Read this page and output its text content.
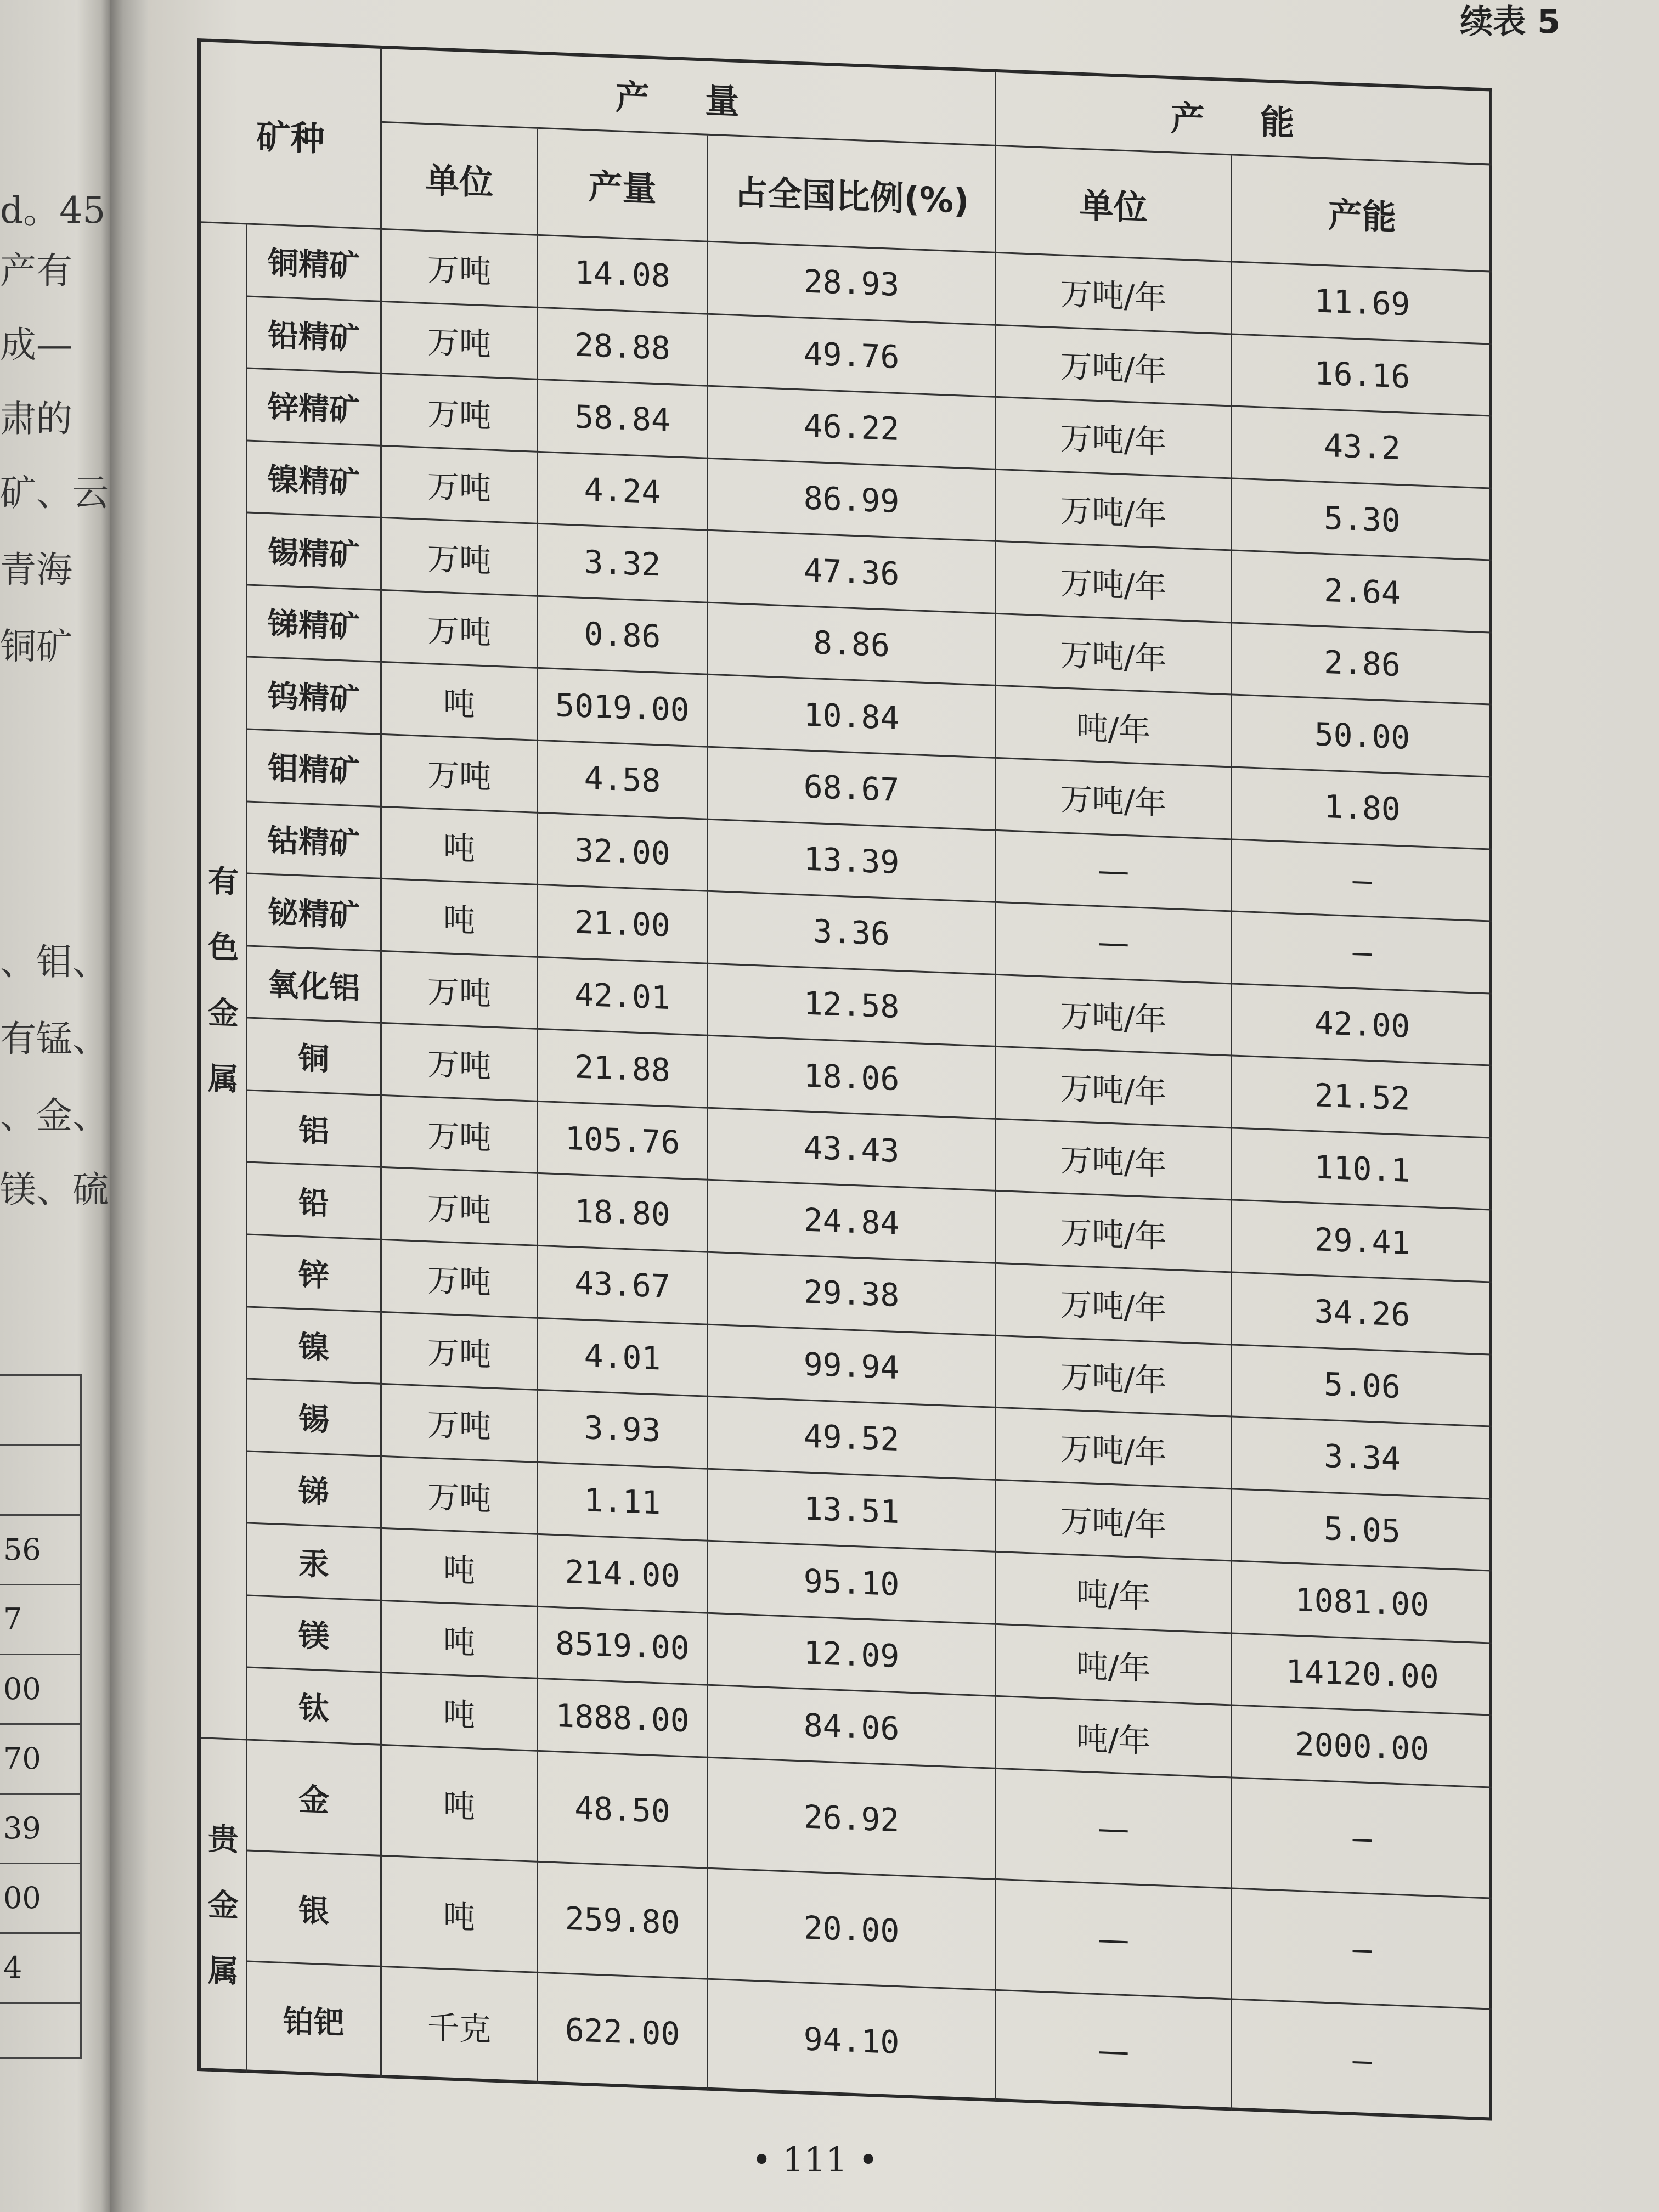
d。45
产有
成—
肃的
矿、云
青海
铜矿
、钼、
有锰、
、金、
镁、硫
56
7
00
70
39
00
4
续表 5
矿种
产 量	产 能
单位	产量	占全国比例(%)	单位	产能
有
色
金
属
贵
金
属
铜精矿	万吨	14.08	28.93	万吨/年	11.69
铅精矿	万吨	28.88	49.76	万吨/年	16.16
锌精矿	万吨	58.84	46.22	万吨/年	43.2
镍精矿	万吨	4.24	86.99	万吨/年	5.30
锡精矿	万吨	3.32	47.36	万吨/年	2.64
锑精矿	万吨	0.86	8.86	万吨/年	2.86
钨精矿	吨	5019.00	10.84	吨/年	50.00
钼精矿	万吨	4.58	68.67	万吨/年	1.80
钴精矿	吨	32.00	13.39	—	—
铋精矿	吨	21.00	3.36	—	—
氧化铝	万吨	42.01	12.58	万吨/年	42.00
铜	万吨	21.88	18.06	万吨/年	21.52
铝	万吨	105.76	43.43	万吨/年	110.1
铅	万吨	18.80	24.84	万吨/年	29.41
锌	万吨	43.67	29.38	万吨/年	34.26
镍	万吨	4.01	99.94	万吨/年	5.06
锡	万吨	3.93	49.52	万吨/年	3.34
锑	万吨	1.11	13.51	万吨/年	5.05
汞	吨	214.00	95.10	吨/年	1081.00
镁	吨	8519.00	12.09	吨/年	14120.00
钛	吨	1888.00	84.06	吨/年	2000.00
金	吨	48.50	26.92	—	—
银	吨	259.80	20.00	—	—
铂钯	千克	622.00	94.10	—	—
• 111 •
